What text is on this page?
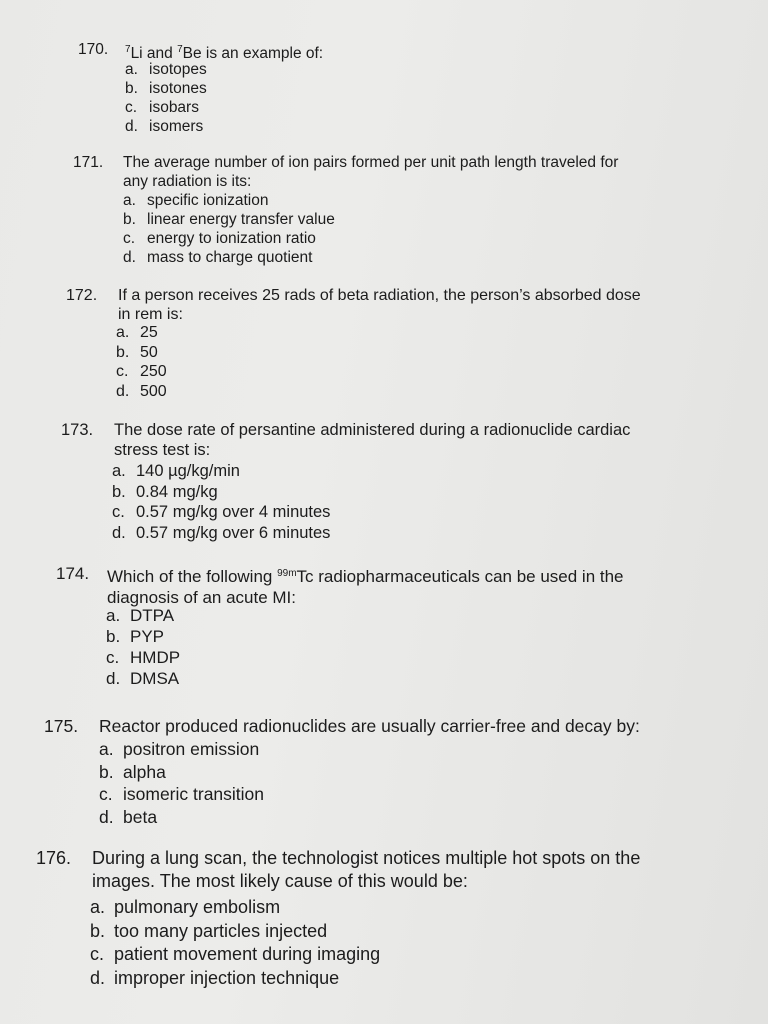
170. $^7$Li and $^7$Be is an example of:
a. isotopes
b. isotones
c. isobars
d. isomers
171. The average number of ion pairs formed per unit path length traveled for
any radiation is its:
a. specific ionization
b. linear energy transfer value
c. energy to ionization ratio
d. mass to charge quotient
172. If a person receives 25 rads of beta radiation, the person’s absorbed dose
in rem is:
a. 25
b. 50
c. 250
d. 500
173. The dose rate of persantine administered during a radionuclide cardiac
stress test is:
a. 140 µg/kg/min
b. 0.84 mg/kg
c. 0.57 mg/kg over 4 minutes
d. 0.57 mg/kg over 6 minutes
174. Which of the following $^{99m}$Tc radiopharmaceuticals can be used in the
diagnosis of an acute MI:
a. DTPA
b. PYP
c. HMDP
d. DMSA
175. Reactor produced radionuclides are usually carrier-free and decay by:
a. positron emission
b. alpha
c. isomeric transition
d. beta
176. During a lung scan, the technologist notices multiple hot spots on the
images. The most likely cause of this would be:
a. pulmonary embolism
b. too many particles injected
c. patient movement during imaging
d. improper injection technique
